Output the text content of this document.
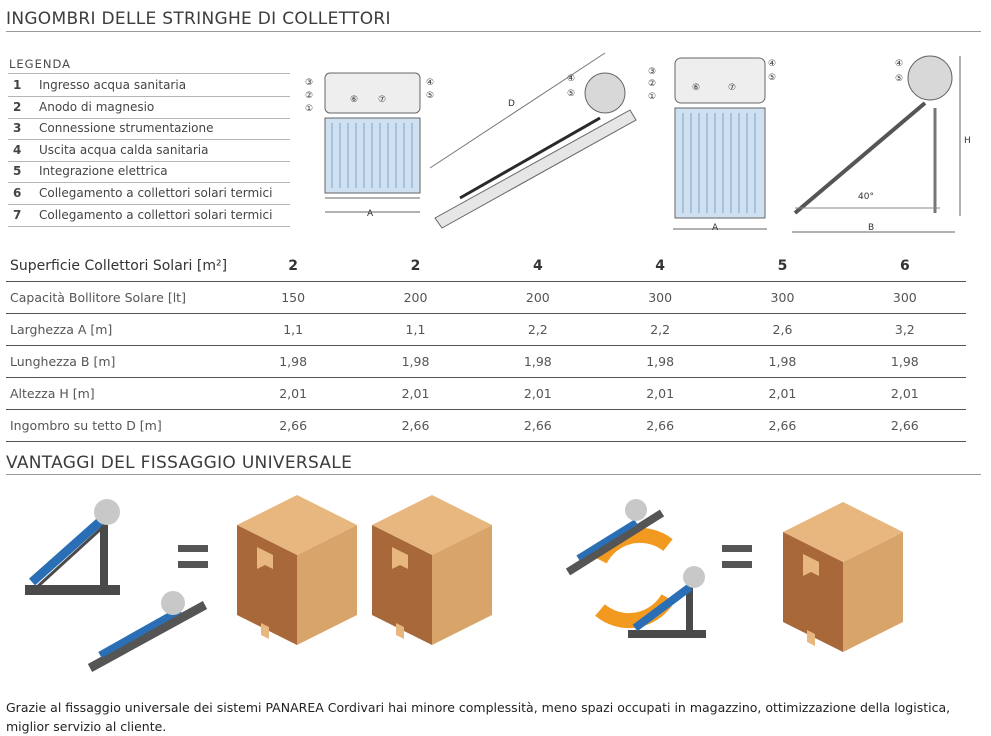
INGOMBRI DELLE STRINGHE DI COLLETTORI
LEGENDA
1 Ingresso acqua sanitaria
2 Anodo di magnesio
3 Connessione strumentazione
4 Uscita acqua calda sanitaria
5 Integrazione elettrica
6 Collegamento a collettori solari termici
7 Collegamento a collettori solari termici	A
③
②
①
④
⑤
⑥ ⑦	D
④
⑤
A
③
②
①
④
⑤
⑥	⑦
B
H
40°
④
⑤
Superficie Collettori Solari [m²]	2	2	4	4	5	6
Capacità Bollitore Solare [lt]	150	200	200	300	300	300
Larghezza A [m]	1,1	1,1	2,2	2,2	2,6	3,2
Lunghezza B [m]	1,98	1,98	1,98	1,98	1,98	1,98
Altezza H [m]	2,01	2,01	2,01	2,01	2,01	2,01
Ingombro su tetto D [m]	2,66	2,66	2,66	2,66	2,66	2,66
VANTAGGI DEL FISSAGGIO UNIVERSALE
Grazie al fissaggio universale dei sistemi PANAREA Cordivari hai minore complessità, meno spazi occupati in magazzino, ottimizzazione della logistica, miglior servizio al cliente.
